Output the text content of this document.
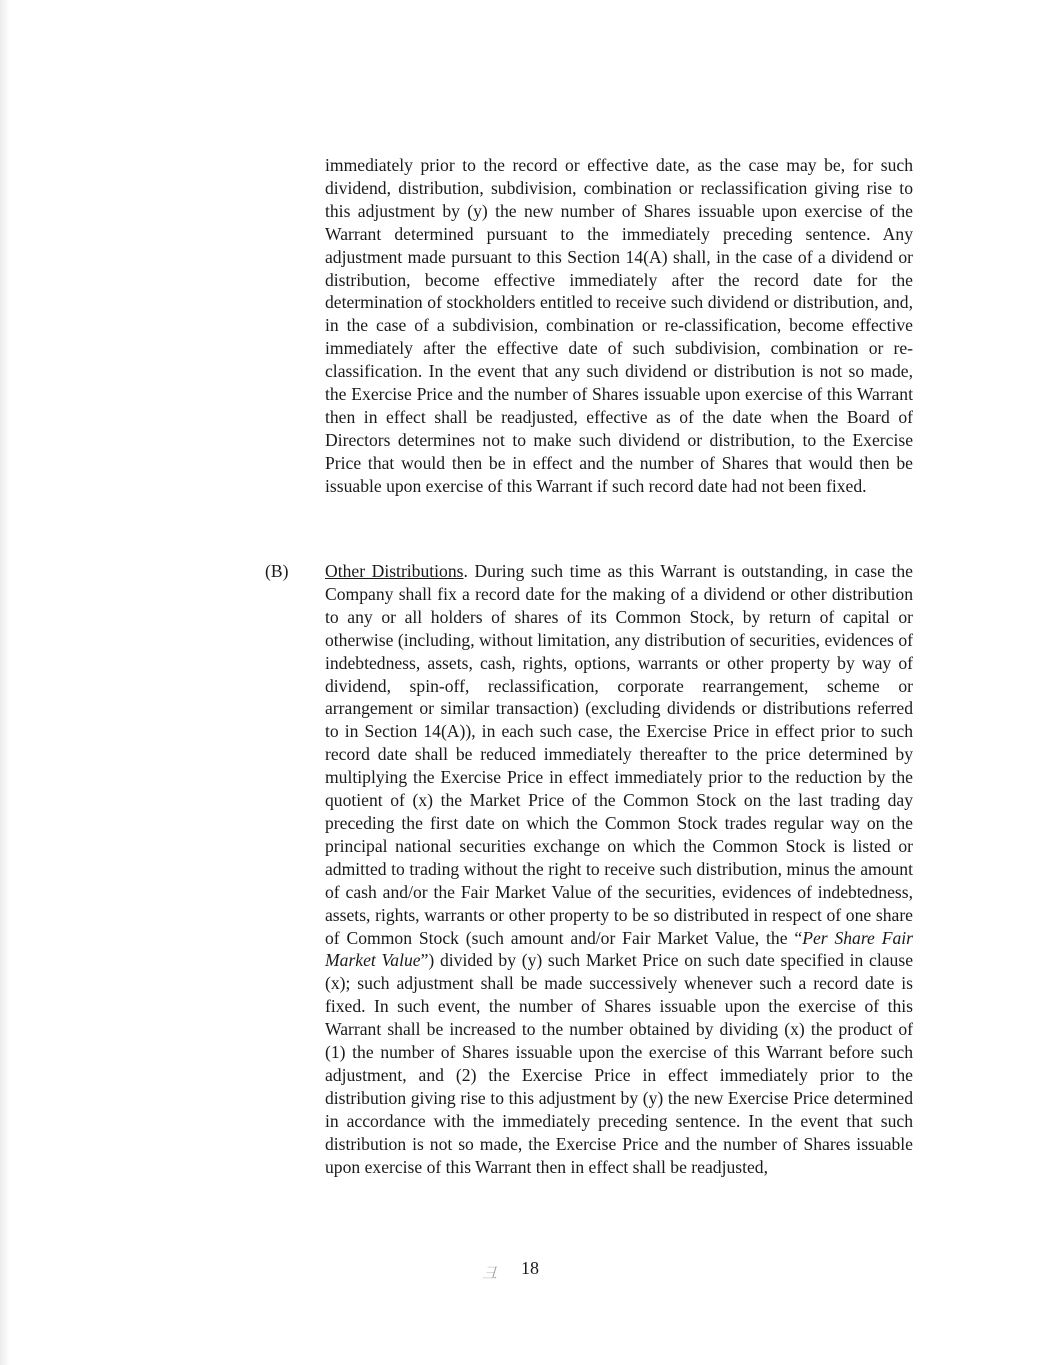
immediately prior to the record or effective date, as the case may be, for such dividend, distribution, subdivision, combination or reclassification giving rise to this adjustment by (y) the new number of Shares issuable upon exercise of the Warrant determined pursuant to the immediately preceding sentence. Any adjustment made pursuant to this Section 14(A) shall, in the case of a dividend or distribution, become effective immediately after the record date for the determination of stockholders entitled to receive such dividend or distribution, and, in the case of a subdivision, combination or re-classification, become effective immediately after the effective date of such subdivision, combination or re-classification. In the event that any such dividend or distribution is not so made, the Exercise Price and the number of Shares issuable upon exercise of this Warrant then in effect shall be readjusted, effective as of the date when the Board of Directors determines not to make such dividend or distribution, to the Exercise Price that would then be in effect and the number of Shares that would then be issuable upon exercise of this Warrant if such record date had not been fixed.

(B) Other Distributions. During such time as this Warrant is outstanding, in case the Company shall fix a record date for the making of a dividend or other distribution to any or all holders of shares of its Common Stock, by return of capital or otherwise (including, without limitation, any distribution of securities, evidences of indebtedness, assets, cash, rights, options, warrants or other property by way of dividend, spin-off, reclassification, corporate rearrangement, scheme or arrangement or similar transaction) (excluding dividends or distributions referred to in Section 14(A)), in each such case, the Exercise Price in effect prior to such record date shall be reduced immediately thereafter to the price determined by multiplying the Exercise Price in effect immediately prior to the reduction by the quotient of (x) the Market Price of the Common Stock on the last trading day preceding the first date on which the Common Stock trades regular way on the principal national securities exchange on which the Common Stock is listed or admitted to trading without the right to receive such distribution, minus the amount of cash and/or the Fair Market Value of the securities, evidences of indebtedness, assets, rights, warrants or other property to be so distributed in respect of one share of Common Stock (such amount and/or Fair Market Value, the “Per Share Fair Market Value”) divided by (y) such Market Price on such date specified in clause (x); such adjustment shall be made successively whenever such a record date is fixed. In such event, the number of Shares issuable upon the exercise of this Warrant shall be increased to the number obtained by dividing (x) the product of (1) the number of Shares issuable upon the exercise of this Warrant before such adjustment, and (2) the Exercise Price in effect immediately prior to the distribution giving rise to this adjustment by (y) the new Exercise Price determined in accordance with the immediately preceding sentence. In the event that such distribution is not so made, the Exercise Price and the number of Shares issuable upon exercise of this Warrant then in effect shall be readjusted,

⼹ 18
